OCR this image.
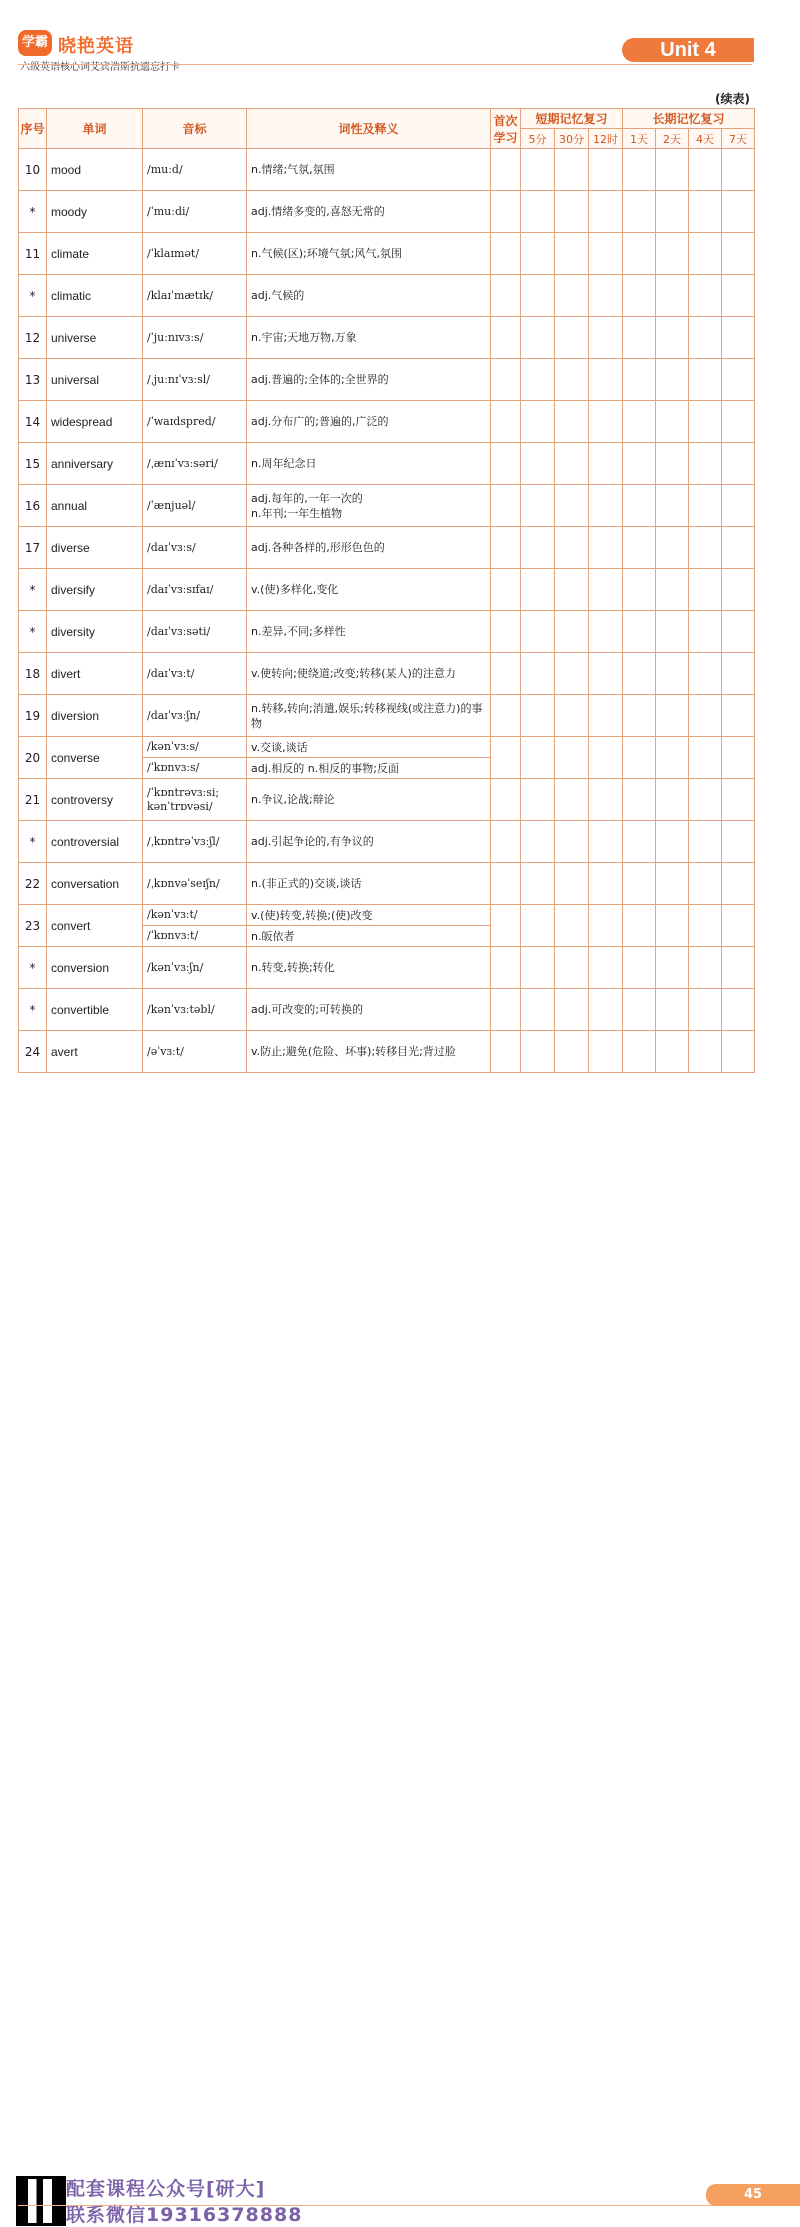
学霸 晓艳英语
六级英语核心词艾宾浩斯抗遗忘打卡
Unit 4
(续表)
序号	单词	音标	词性及释义	首次学习	短期记忆复习			长期记忆复习			
					5分	30分	12时	1天	2天	4天	7天
10	mood	/muːd/	n.情绪;气氛,氛围								
*	moody	/ˈmuːdi/	adj.情绪多变的,喜怒无常的								
11	climate	/ˈklaɪmət/	n.气候(区);环境气氛;风气,氛围								
*	climatic	/klaɪˈmætɪk/	adj.气候的								
12	universe	/ˈjuːnɪvɜːs/	n.宇宙;天地万物,万象								
13	universal	/ˌjuːnɪˈvɜːsl/	adj.普遍的;全体的;全世界的								
14	widespread	/ˈwaɪdspred/	adj.分布广的;普遍的,广泛的								
15	anniversary	/ˌænɪˈvɜːsəri/	n.周年纪念日								
16	annual	/ˈænjuəl/	adj.每年的,一年一次的
n.年刊;一年生植物								
17	diverse	/daɪˈvɜːs/	adj.各种各样的,形形色色的								
*	diversify	/daɪˈvɜːsɪfaɪ/	v.(使)多样化,变化								
*	diversity	/daɪˈvɜːsəti/	n.差异,不同;多样性								
18	divert	/daɪˈvɜːt/	v.使转向;使绕道;改变;转移(某人)的注意力								
19	diversion	/daɪˈvɜːʃn/	n.转移,转向;消遣,娱乐;转移视线(或注意力)的事物								
20	converse	/kənˈvɜːs/	v.交谈,谈话								
		/ˈkɒnvɜːs/	adj.相反的 n.相反的事物;反面								
21	controversy	/ˈkɒntrəvɜːsi;
kənˈtrɒvəsi/	n.争议,论战;辩论								
*	controversial	/ˌkɒntrəˈvɜːʃl/	adj.引起争论的,有争议的								
22	conversation	/ˌkɒnvəˈseɪʃn/	n.(非正式的)交谈,谈话								
23	convert	/kənˈvɜːt/	v.(使)转变,转换;(使)改变								
		/ˈkɒnvɜːt/	n.皈依者								
*	conversion	/kənˈvɜːʃn/	n.转变,转换;转化								
*	convertible	/kənˈvɜːtəbl/	adj.可改变的;可转换的								
24	avert	/əˈvɜːt/	v.防止;避免(危险、坏事);转移目光;背过脸								
配套课程公众号[研大]
联系微信19316378888
45
